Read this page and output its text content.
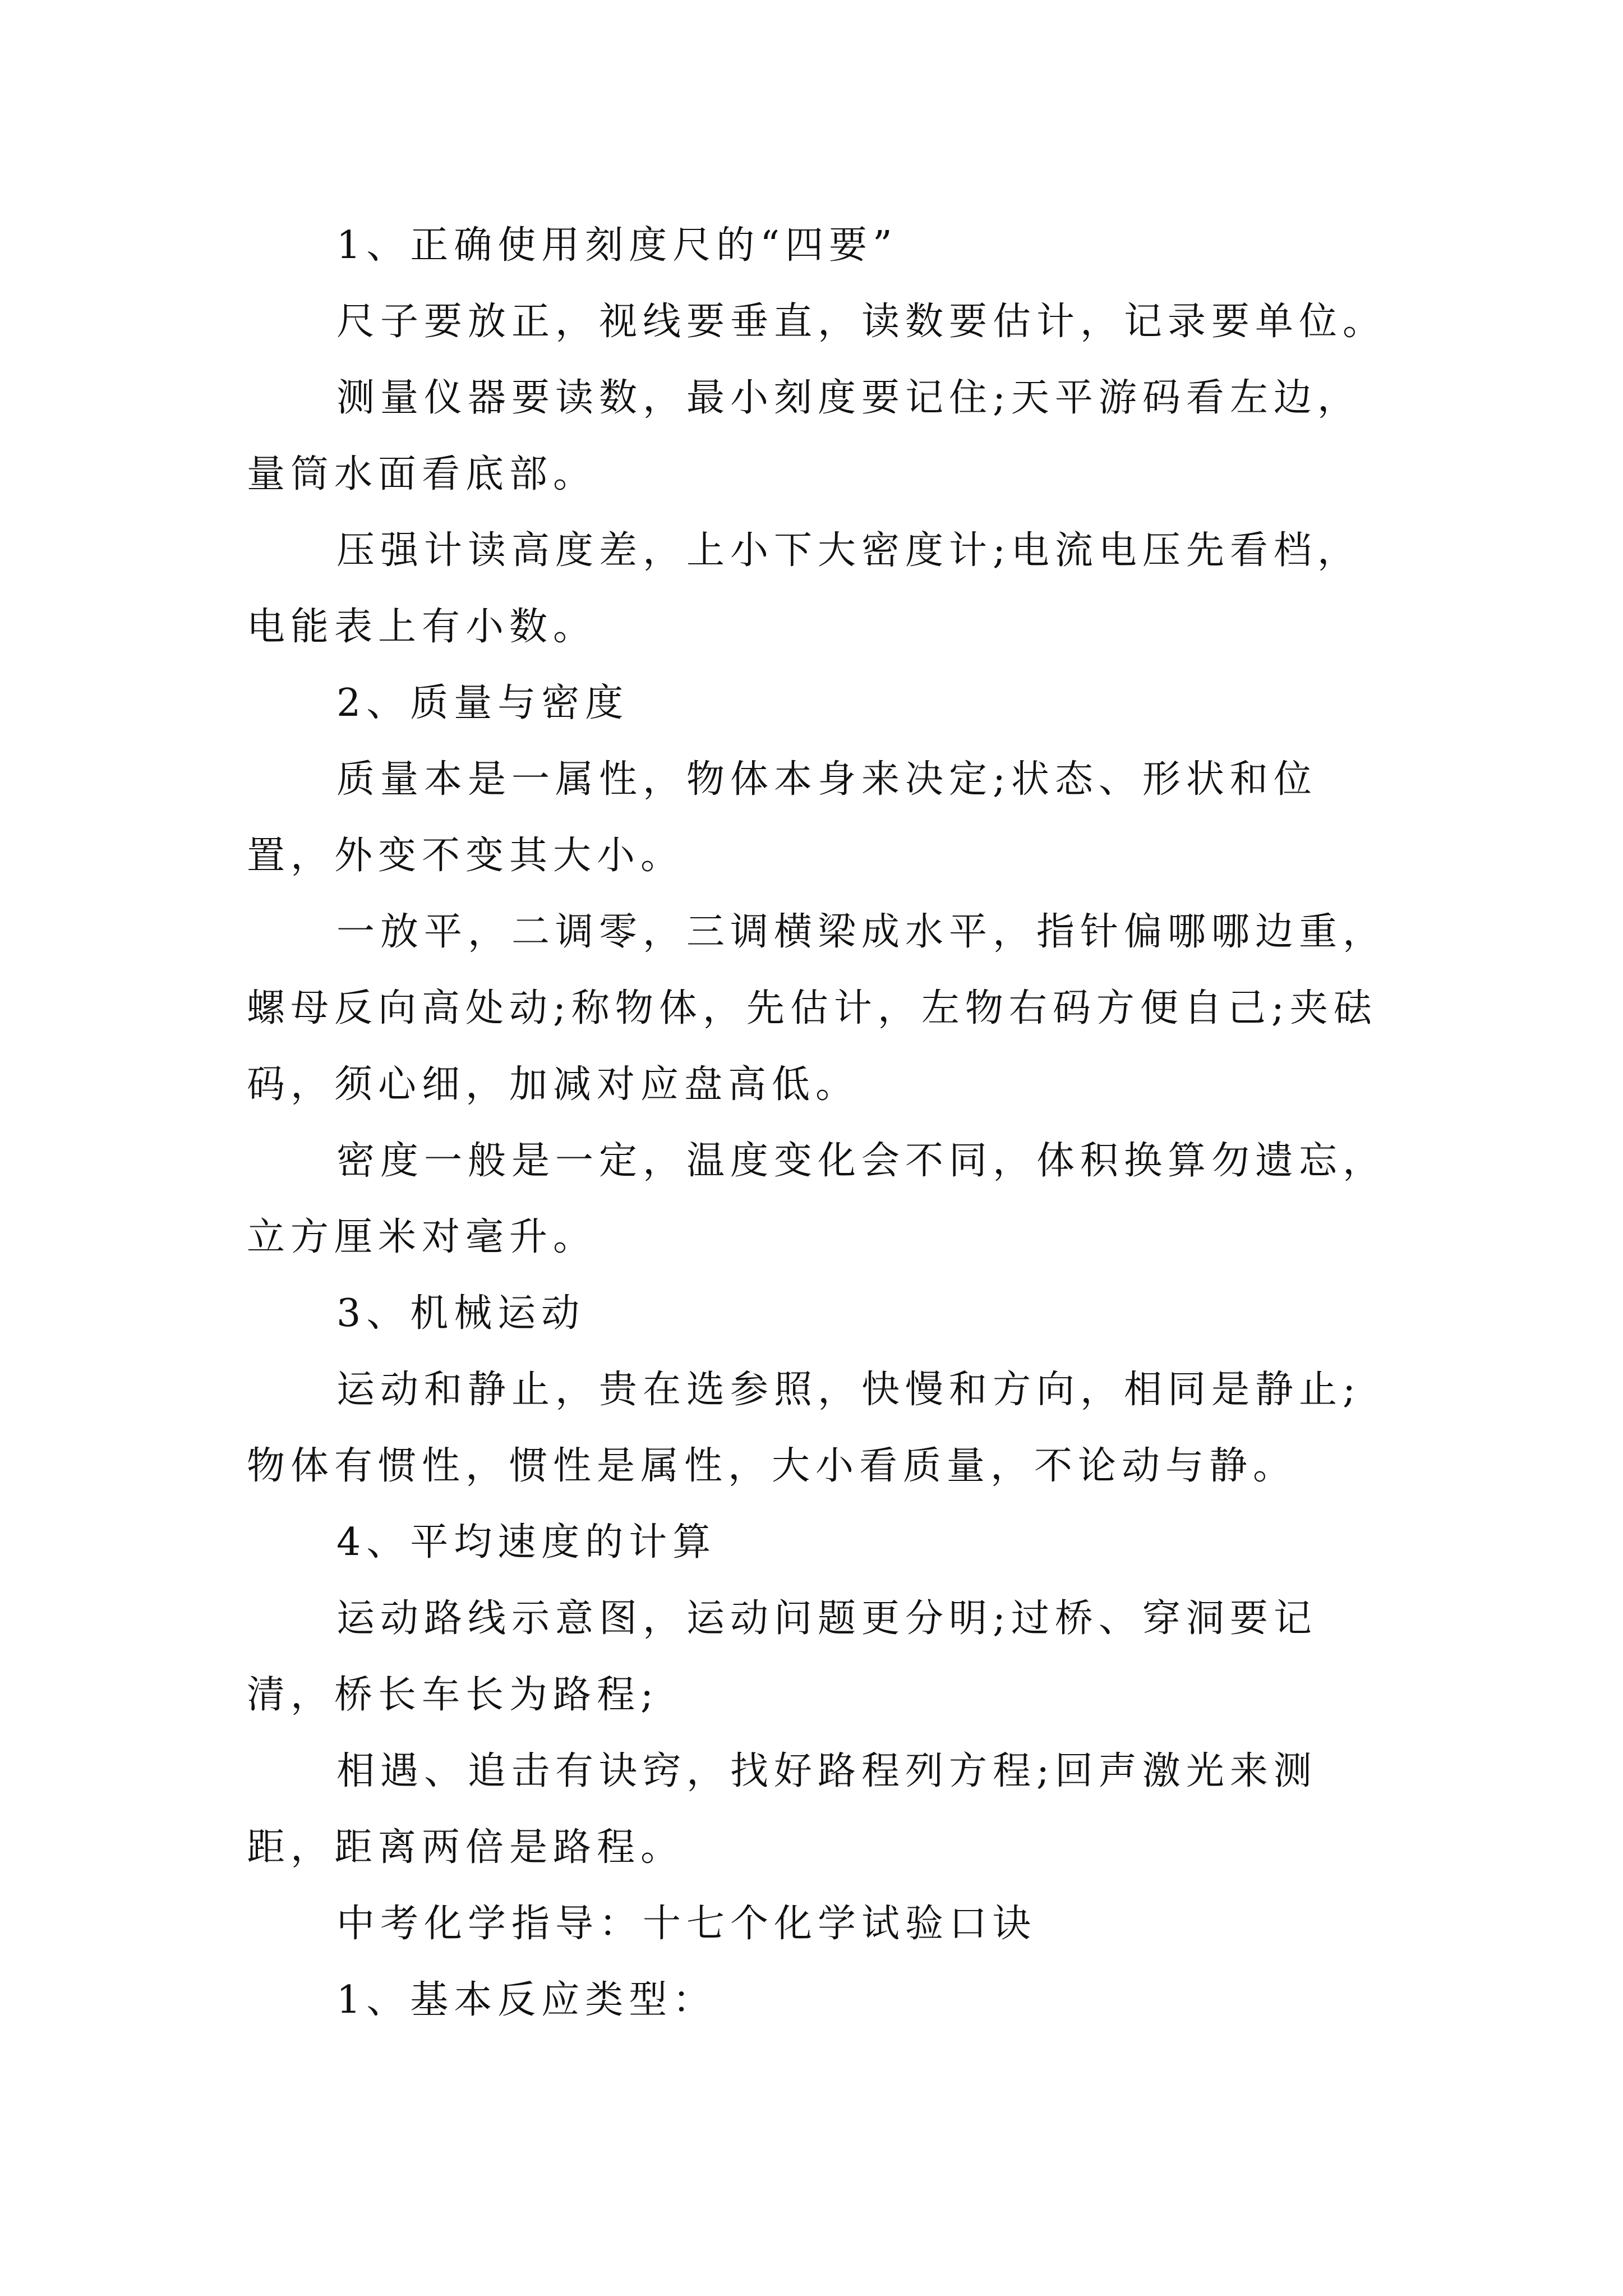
1、正确使用刻度尺的“四要”

尺子要放正，视线要垂直，读数要估计，记录要单位。

测量仪器要读数，最小刻度要记住;天平游码看左边，量筒水面看底部。

压强计读高度差，上小下大密度计;电流电压先看档，电能表上有小数。

2、质量与密度

质量本是一属性，物体本身来决定;状态、形状和位置，外变不变其大小。

一放平，二调零，三调横梁成水平，指针偏哪哪边重，螺母反向高处动;称物体，先估计，左物右码方便自己;夹砝码，须心细，加减对应盘高低。

密度一般是一定，温度变化会不同，体积换算勿遗忘，立方厘米对毫升。

3、机械运动

运动和静止，贵在选参照，快慢和方向，相同是静止;物体有惯性，惯性是属性，大小看质量，不论动与静。

4、平均速度的计算

运动路线示意图，运动问题更分明;过桥、穿洞要记清，桥长车长为路程;

相遇、追击有诀窍，找好路程列方程;回声激光来测距，距离两倍是路程。

中考化学指导：十七个化学试验口诀

1、基本反应类型：
